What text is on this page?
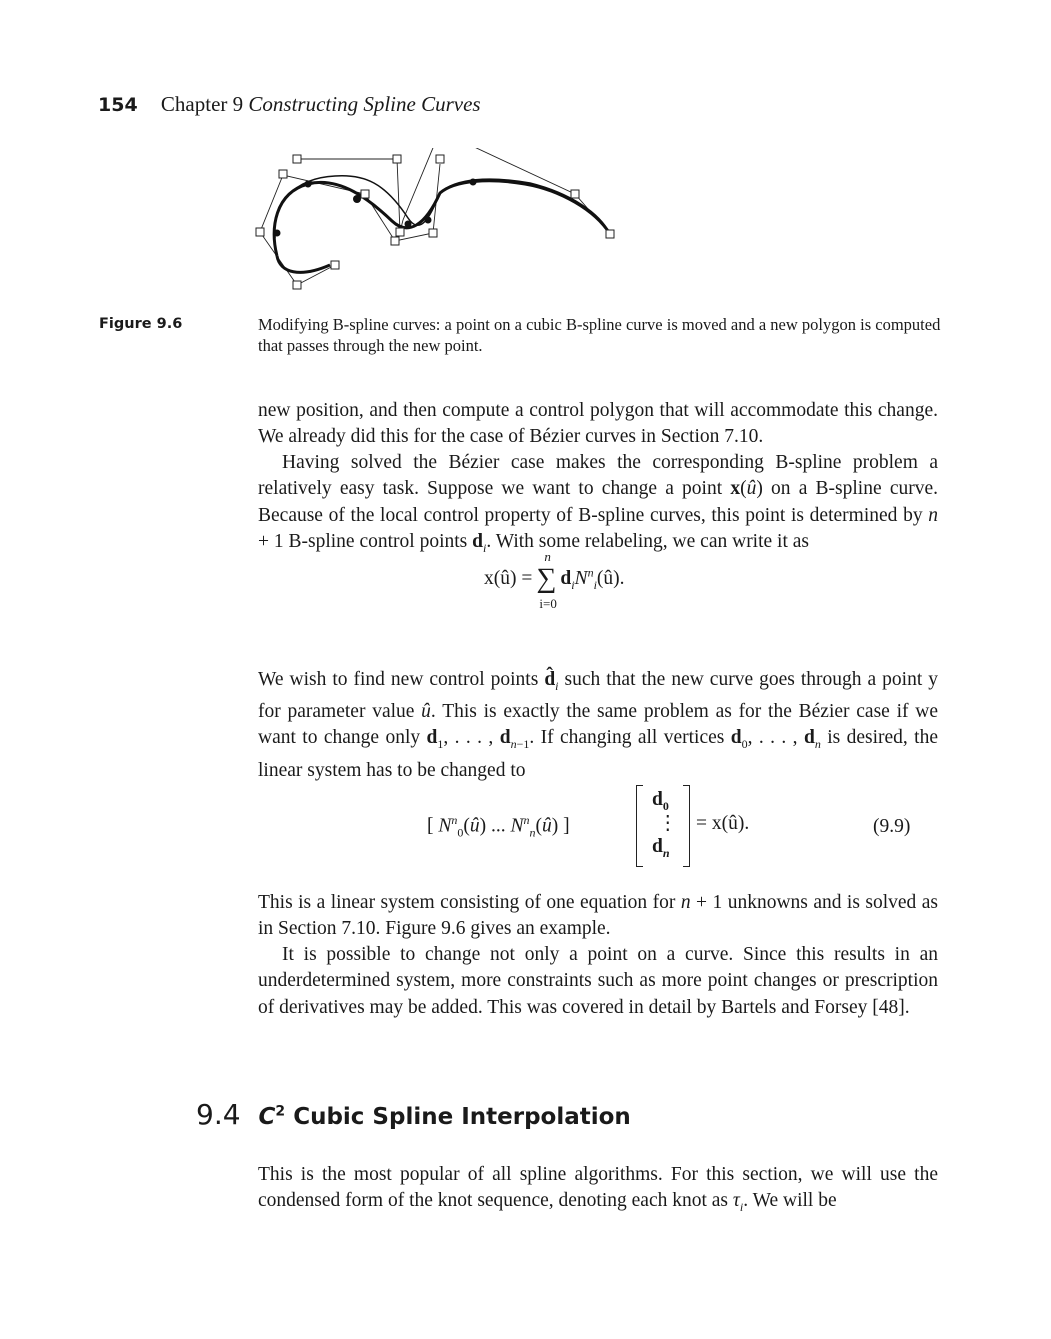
154 Chapter 9 Constructing Spline Curves
Figure 9.6	Modifying B-spline curves: a point on a cubic B-spline curve is moved and a new polygon is computed that passes through the new point.

new position, and then compute a control polygon that will accommodate this change. We already did this for the case of Bézier curves in Section 7.10.

Having solved the Bézier case makes the corresponding B-spline problem a relatively easy task. Suppose we want to change a point x(û) on a B-spline curve. Because of the local control property of B-spline curves, this point is determined by n + 1 B-spline control points $d_i$. With some relabeling, we can write it as

x(û) = ∑
n
i=0
$d_iN^n_i(û)$.

We wish to find new control points $d̂_i$ such that the new curve goes through a point y for parameter value û. This is exactly the same problem as for the Bézier case if we want to change only $d_1$, . . . , $d_{n-1}$. If changing all vertices $d_0$, . . . , $d_n$ is desired, the linear system has to be changed to

[ $N^n_0(û)$ ... $N^n_n(û)$ ]
$d_0$
⋮
$d_n$
= x(û).	(9.9)

This is a linear system consisting of one equation for n + 1 unknowns and is solved as in Section 7.10. Figure 9.6 gives an example.

It is possible to change not only a point on a curve. Since this results in an underdetermined system, more constraints such as more point changes or prescription of derivatives may be added. This was covered in detail by Bartels and Forsey [48].

9.4 $C^2$ Cubic Spline Interpolation

This is the most popular of all spline algorithms. For this section, we will use the condensed form of the knot sequence, denoting each knot as $\tau_i$. We will be
